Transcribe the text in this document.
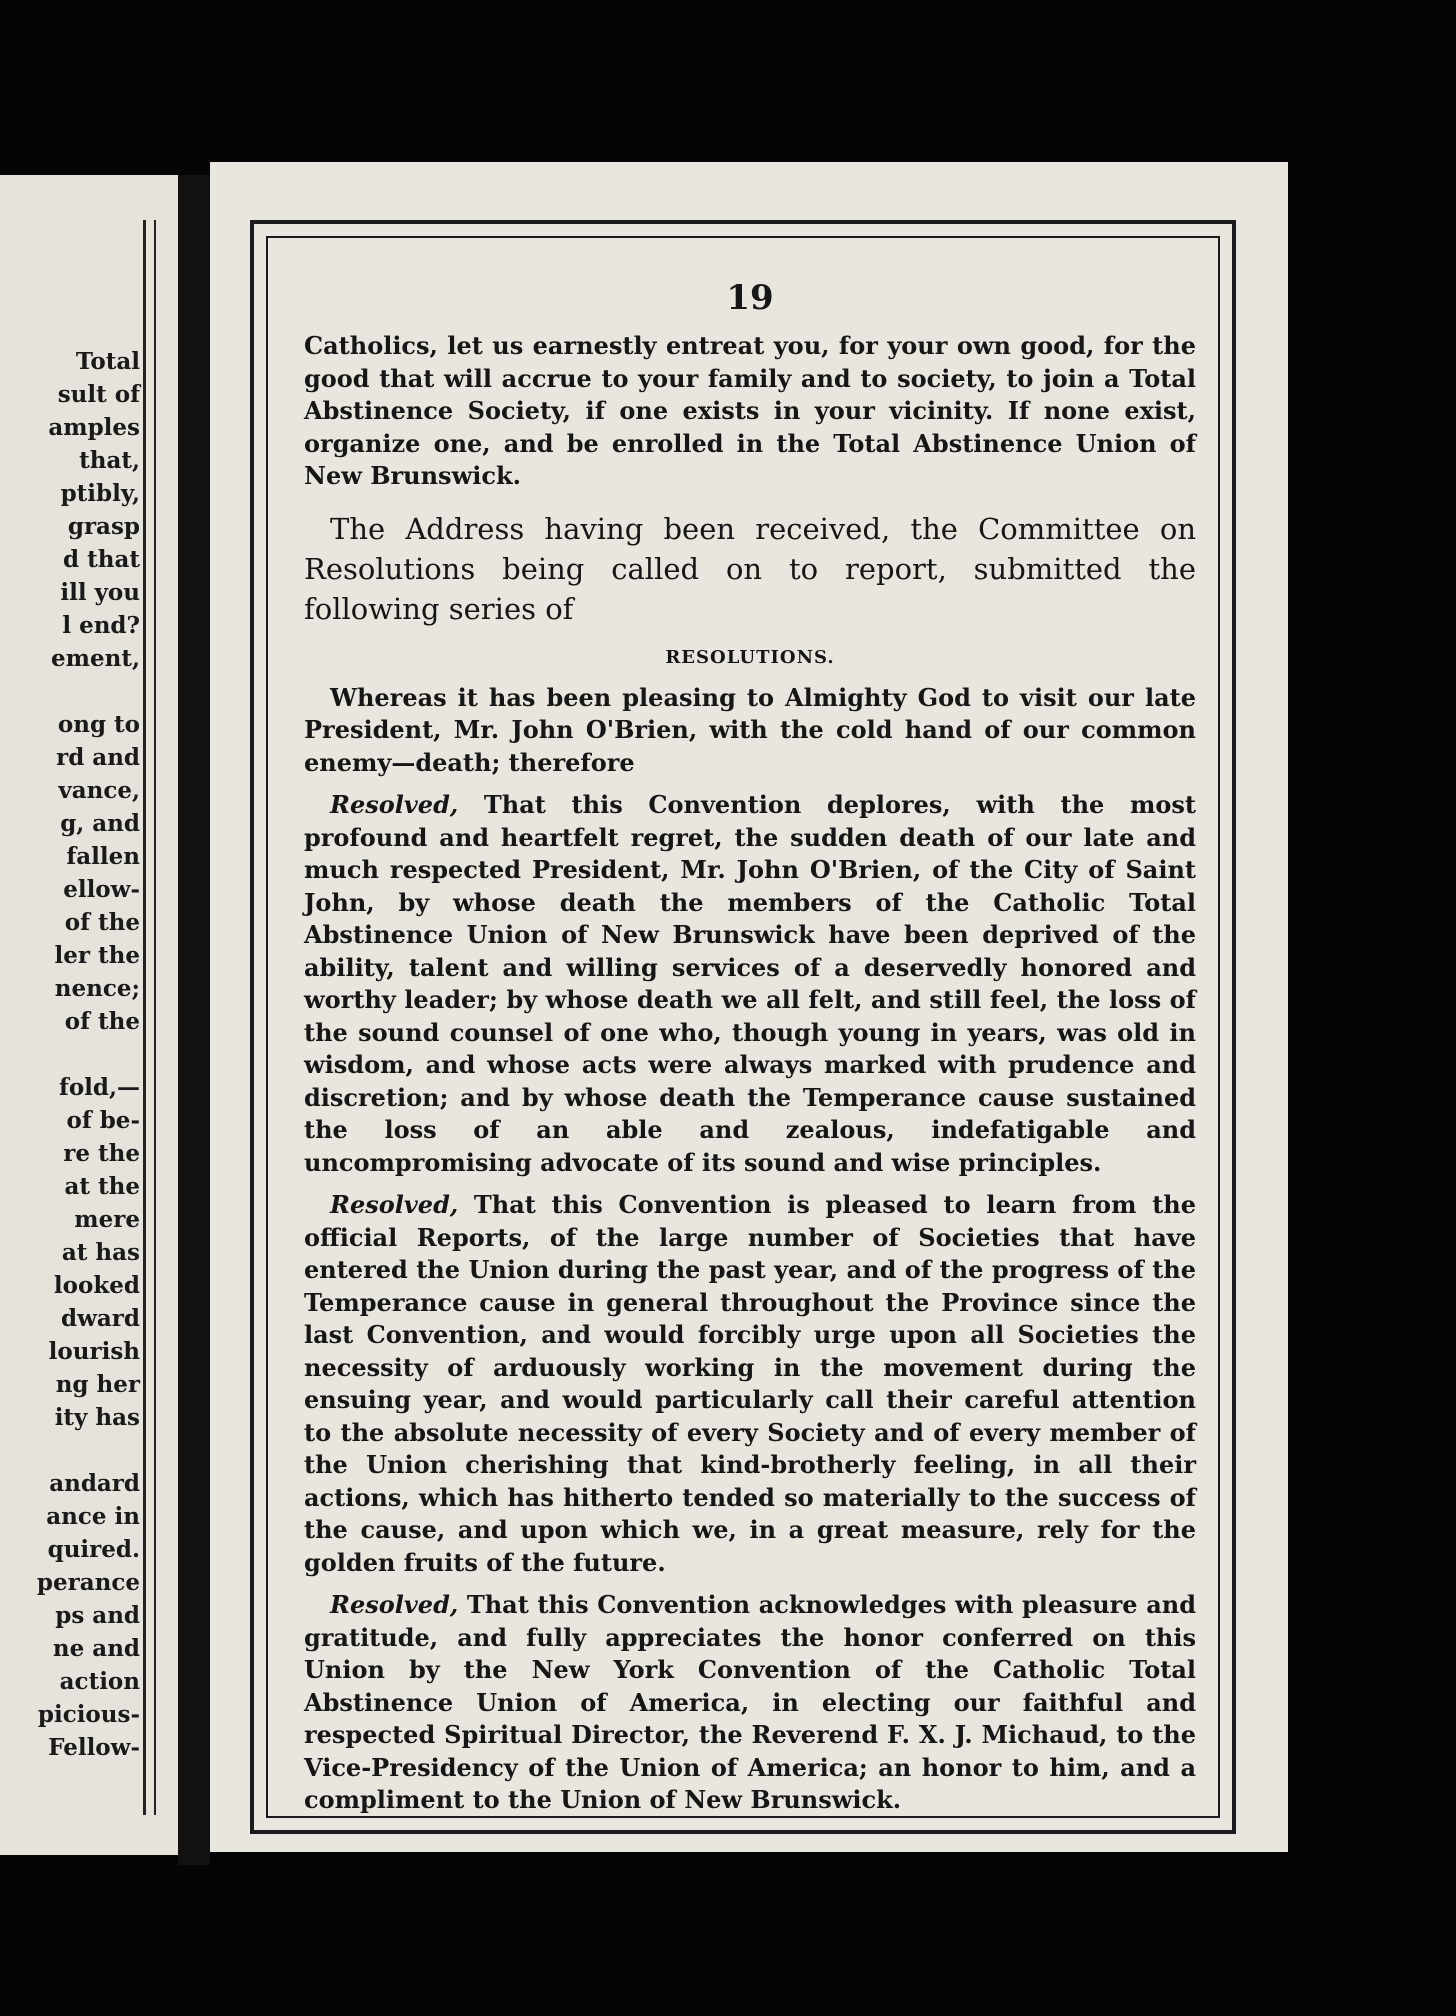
Total
sult of
amples
that,
ptibly,
grasp
d that
ill you
l end?
ement,
ong to
rd and
vance,
g, and
fallen
ellow-
of the
ler the
nence;
of the
fold,—
of be-
re the
at the
mere
at has
looked
dward
lourish
ng her
ity has
andard
ance in
quired.
perance
ps and
ne and
action
picious-
Fellow-
19

Catholics, let us earnestly entreat you, for your own good, for the good that will accrue to your family and to society, to join a Total Abstinence Society, if one exists in your vicinity. If none exist, organize one, and be enrolled in the Total Abstinence Union of New Brunswick.

The Address having been received, the Committee on Resolutions being called on to report, submitted the following series of

RESOLUTIONS.

Whereas it has been pleasing to Almighty God to visit our late President, Mr. John O'Brien, with the cold hand of our common enemy—death; therefore

Resolved, That this Convention deplores, with the most profound and heartfelt regret, the sudden death of our late and much respected President, Mr. John O'Brien, of the City of Saint John, by whose death the members of the Catholic Total Abstinence Union of New Brunswick have been deprived of the ability, talent and willing services of a deservedly honored and worthy leader; by whose death we all felt, and still feel, the loss of the sound counsel of one who, though young in years, was old in wisdom, and whose acts were always marked with prudence and discretion; and by whose death the Temperance cause sustained the loss of an able and zealous, indefatigable and uncompromising advocate of its sound and wise principles.

Resolved, That this Convention is pleased to learn from the official Reports, of the large number of Societies that have entered the Union during the past year, and of the progress of the Temperance cause in general throughout the Province since the last Convention, and would forcibly urge upon all Societies the necessity of arduously working in the movement during the ensuing year, and would particularly call their careful attention to the absolute necessity of every Society and of every member of the Union cherishing that kind-brotherly feeling, in all their actions, which has hitherto tended so materially to the success of the cause, and upon which we, in a great measure, rely for the golden fruits of the future.

Resolved, That this Convention acknowledges with pleasure and gratitude, and fully appreciates the honor conferred on this Union by the New York Convention of the Catholic Total Abstinence Union of America, in electing our faithful and respected Spiritual Director, the Reverend F. X. J. Michaud, to the Vice-Presidency of the Union of America; an honor to him, and a compliment to the Union of New Brunswick.
